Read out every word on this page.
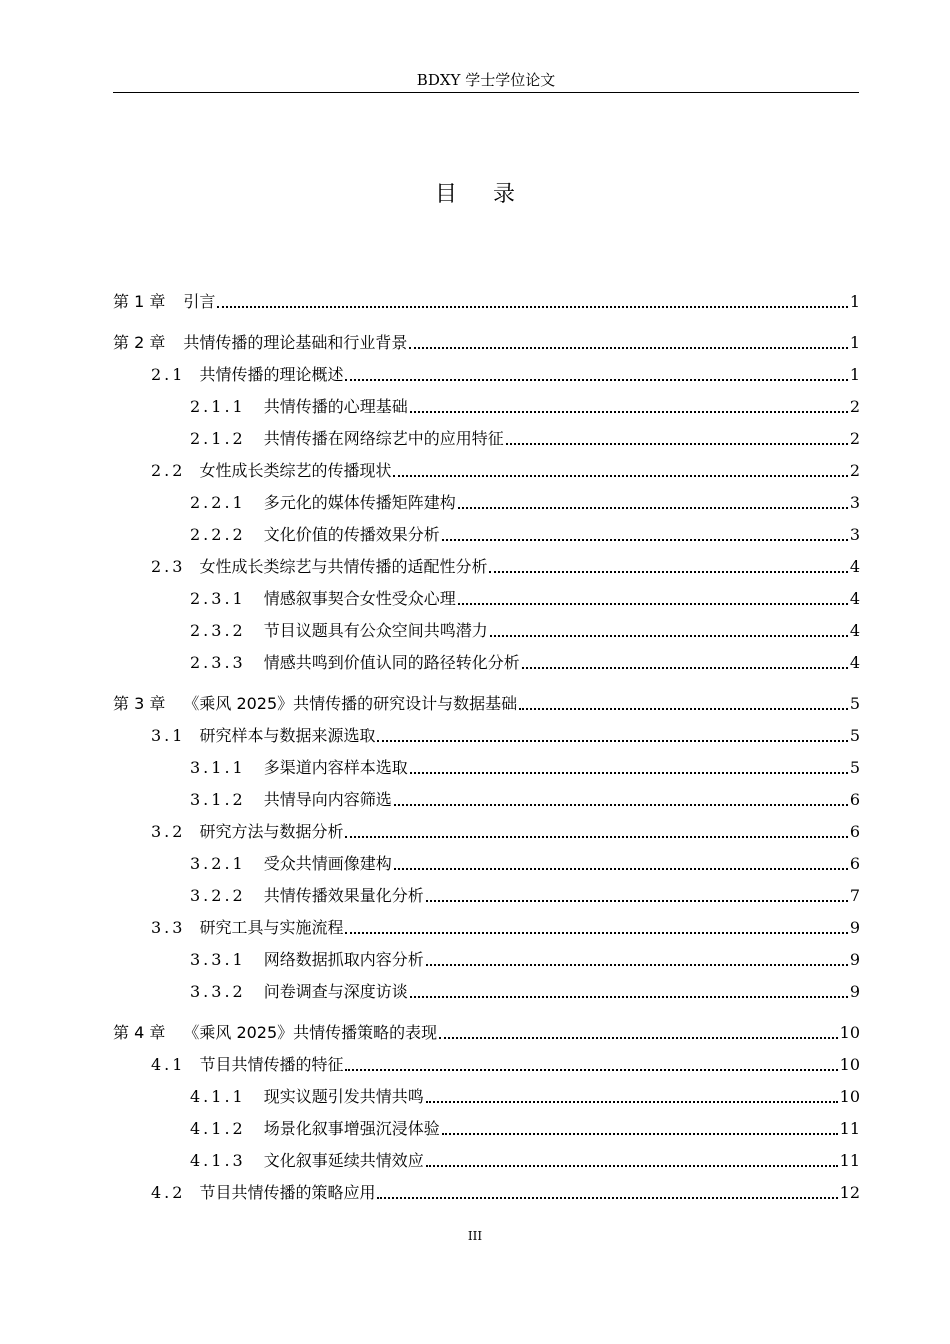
BDXY 学士学位论文
目录
第 1 章 引言	1
第 2 章 共情传播的理论基础和行业背景	1
2.1 共情传播的理论概述	1
2.1.1 共情传播的心理基础	2
2.1.2 共情传播在网络综艺中的应用特征	2
2.2 女性成长类综艺的传播现状	2
2.2.1 多元化的媒体传播矩阵建构	3
2.2.2 文化价值的传播效果分析	3
2.3 女性成长类综艺与共情传播的适配性分析	4
2.3.1 情感叙事契合女性受众心理	4
2.3.2 节目议题具有公众空间共鸣潜力	4
2.3.3 情感共鸣到价值认同的路径转化分析	4
第 3 章 《乘风 2025》共情传播的研究设计与数据基础	5
3.1 研究样本与数据来源选取	5
3.1.1 多渠道内容样本选取	5
3.1.2 共情导向内容筛选	6
3.2 研究方法与数据分析	6
3.2.1 受众共情画像建构	6
3.2.2 共情传播效果量化分析	7
3.3 研究工具与实施流程	9
3.3.1 网络数据抓取内容分析	9
3.3.2 问卷调查与深度访谈	9
第 4 章 《乘风 2025》共情传播策略的表现	10
4.1 节目共情传播的特征	10
4.1.1 现实议题引发共情共鸣	10
4.1.2 场景化叙事增强沉浸体验	11
4.1.3 文化叙事延续共情效应	11
4.2 节目共情传播的策略应用	12
III
